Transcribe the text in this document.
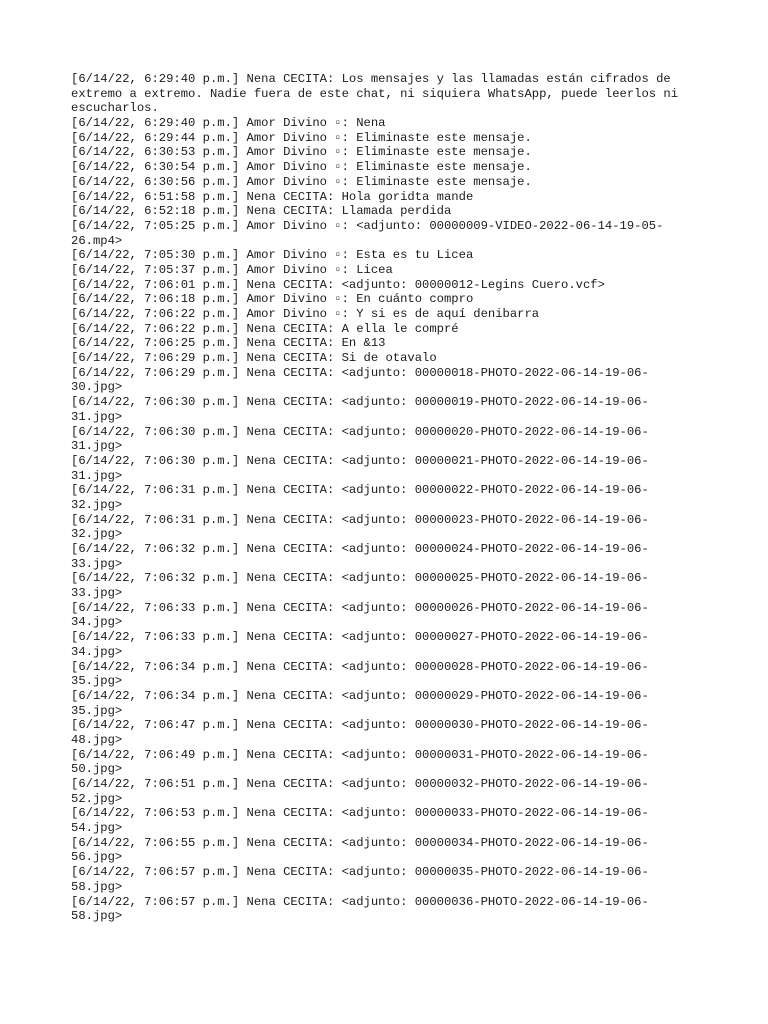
[6/14/22, 6:29:40 p.m.] Nena CECITA: Los mensajes y las llamadas están cifrados de
extremo a extremo. Nadie fuera de este chat, ni siquiera WhatsApp, puede leerlos ni
escucharlos.
[6/14/22, 6:29:40 p.m.] Amor Divino ▫: Nena
[6/14/22, 6:29:44 p.m.] Amor Divino ▫: Eliminaste este mensaje.
[6/14/22, 6:30:53 p.m.] Amor Divino ▫: Eliminaste este mensaje.
[6/14/22, 6:30:54 p.m.] Amor Divino ▫: Eliminaste este mensaje.
[6/14/22, 6:30:56 p.m.] Amor Divino ▫: Eliminaste este mensaje.
[6/14/22, 6:51:58 p.m.] Nena CECITA: Hola goridta mande
[6/14/22, 6:52:18 p.m.] Nena CECITA: Llamada perdida
[6/14/22, 7:05:25 p.m.] Amor Divino ▫: <adjunto: 00000009-VIDEO-2022-06-14-19-05-
26.mp4>
[6/14/22, 7:05:30 p.m.] Amor Divino ▫: Esta es tu Licea
[6/14/22, 7:05:37 p.m.] Amor Divino ▫: Licea
[6/14/22, 7:06:01 p.m.] Nena CECITA: <adjunto: 00000012-Legins Cuero.vcf>
[6/14/22, 7:06:18 p.m.] Amor Divino ▫: En cuánto compro
[6/14/22, 7:06:22 p.m.] Amor Divino ▫: Y si es de aquí denibarra
[6/14/22, 7:06:22 p.m.] Nena CECITA: A ella le compré
[6/14/22, 7:06:25 p.m.] Nena CECITA: En &13
[6/14/22, 7:06:29 p.m.] Nena CECITA: Si de otavalo
[6/14/22, 7:06:29 p.m.] Nena CECITA: <adjunto: 00000018-PHOTO-2022-06-14-19-06-
30.jpg>
[6/14/22, 7:06:30 p.m.] Nena CECITA: <adjunto: 00000019-PHOTO-2022-06-14-19-06-
31.jpg>
[6/14/22, 7:06:30 p.m.] Nena CECITA: <adjunto: 00000020-PHOTO-2022-06-14-19-06-
31.jpg>
[6/14/22, 7:06:30 p.m.] Nena CECITA: <adjunto: 00000021-PHOTO-2022-06-14-19-06-
31.jpg>
[6/14/22, 7:06:31 p.m.] Nena CECITA: <adjunto: 00000022-PHOTO-2022-06-14-19-06-
32.jpg>
[6/14/22, 7:06:31 p.m.] Nena CECITA: <adjunto: 00000023-PHOTO-2022-06-14-19-06-
32.jpg>
[6/14/22, 7:06:32 p.m.] Nena CECITA: <adjunto: 00000024-PHOTO-2022-06-14-19-06-
33.jpg>
[6/14/22, 7:06:32 p.m.] Nena CECITA: <adjunto: 00000025-PHOTO-2022-06-14-19-06-
33.jpg>
[6/14/22, 7:06:33 p.m.] Nena CECITA: <adjunto: 00000026-PHOTO-2022-06-14-19-06-
34.jpg>
[6/14/22, 7:06:33 p.m.] Nena CECITA: <adjunto: 00000027-PHOTO-2022-06-14-19-06-
34.jpg>
[6/14/22, 7:06:34 p.m.] Nena CECITA: <adjunto: 00000028-PHOTO-2022-06-14-19-06-
35.jpg>
[6/14/22, 7:06:34 p.m.] Nena CECITA: <adjunto: 00000029-PHOTO-2022-06-14-19-06-
35.jpg>
[6/14/22, 7:06:47 p.m.] Nena CECITA: <adjunto: 00000030-PHOTO-2022-06-14-19-06-
48.jpg>
[6/14/22, 7:06:49 p.m.] Nena CECITA: <adjunto: 00000031-PHOTO-2022-06-14-19-06-
50.jpg>
[6/14/22, 7:06:51 p.m.] Nena CECITA: <adjunto: 00000032-PHOTO-2022-06-14-19-06-
52.jpg>
[6/14/22, 7:06:53 p.m.] Nena CECITA: <adjunto: 00000033-PHOTO-2022-06-14-19-06-
54.jpg>
[6/14/22, 7:06:55 p.m.] Nena CECITA: <adjunto: 00000034-PHOTO-2022-06-14-19-06-
56.jpg>
[6/14/22, 7:06:57 p.m.] Nena CECITA: <adjunto: 00000035-PHOTO-2022-06-14-19-06-
58.jpg>
[6/14/22, 7:06:57 p.m.] Nena CECITA: <adjunto: 00000036-PHOTO-2022-06-14-19-06-
58.jpg>
